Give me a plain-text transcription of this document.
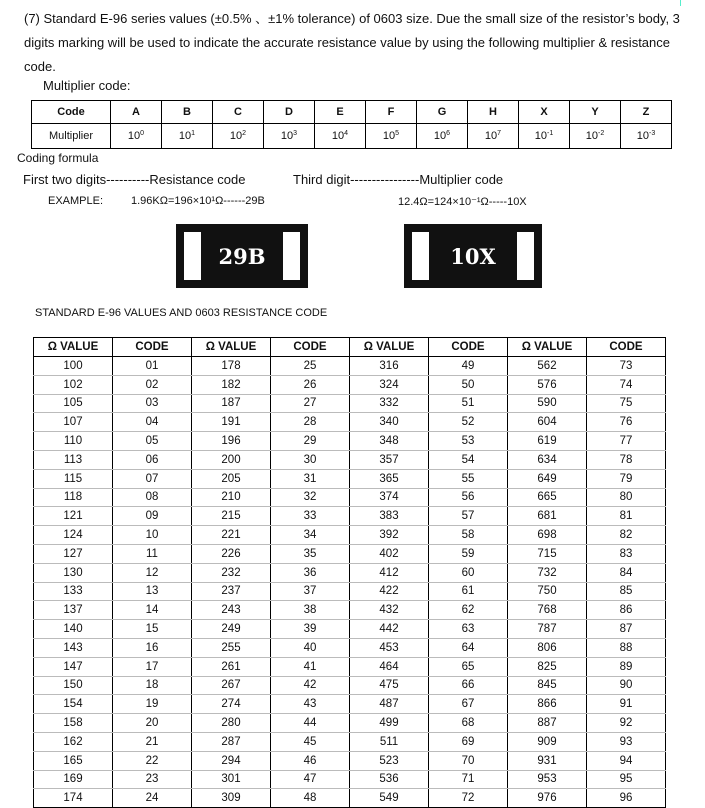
(7) Standard E-96 series values (±0.5% 、±1% tolerance) of 0603 size. Due the small size of the resistor’s body, 3 digits marking will be used to indicate the accurate resistance value by using the following multiplier & resistance code.
Multiplier code:
Code	A	B	C	D	E	F	G	H	X	Y	Z
Multiplier	$10^0$	$10^1$	$10^2$	$10^3$	$10^4$	$10^5$	$10^6$	$10^7$	$10^{-1}$	$10^{-2}$	$10^{-3}$
Coding formula
First two digits----------Resistance code	Third digit----------------Multiplier code
EXAMPLE:	1.96KΩ=196×10¹Ω------29B	12.4Ω=124×10⁻¹Ω-----10X
29B	10X
STANDARD E-96 VALUES AND 0603 RESISTANCE CODE
Ω VALUE	CODE	Ω VALUE	CODE	Ω VALUE	CODE	Ω VALUE	CODE
100	01	178	25	316	49	562	73
102	02	182	26	324	50	576	74
105	03	187	27	332	51	590	75
107	04	191	28	340	52	604	76
110	05	196	29	348	53	619	77
113	06	200	30	357	54	634	78
115	07	205	31	365	55	649	79
118	08	210	32	374	56	665	80
121	09	215	33	383	57	681	81
124	10	221	34	392	58	698	82
127	11	226	35	402	59	715	83
130	12	232	36	412	60	732	84
133	13	237	37	422	61	750	85
137	14	243	38	432	62	768	86
140	15	249	39	442	63	787	87
143	16	255	40	453	64	806	88
147	17	261	41	464	65	825	89
150	18	267	42	475	66	845	90
154	19	274	43	487	67	866	91
158	20	280	44	499	68	887	92
162	21	287	45	511	69	909	93
165	22	294	46	523	70	931	94
169	23	301	47	536	71	953	95
174	24	309	48	549	72	976	96
